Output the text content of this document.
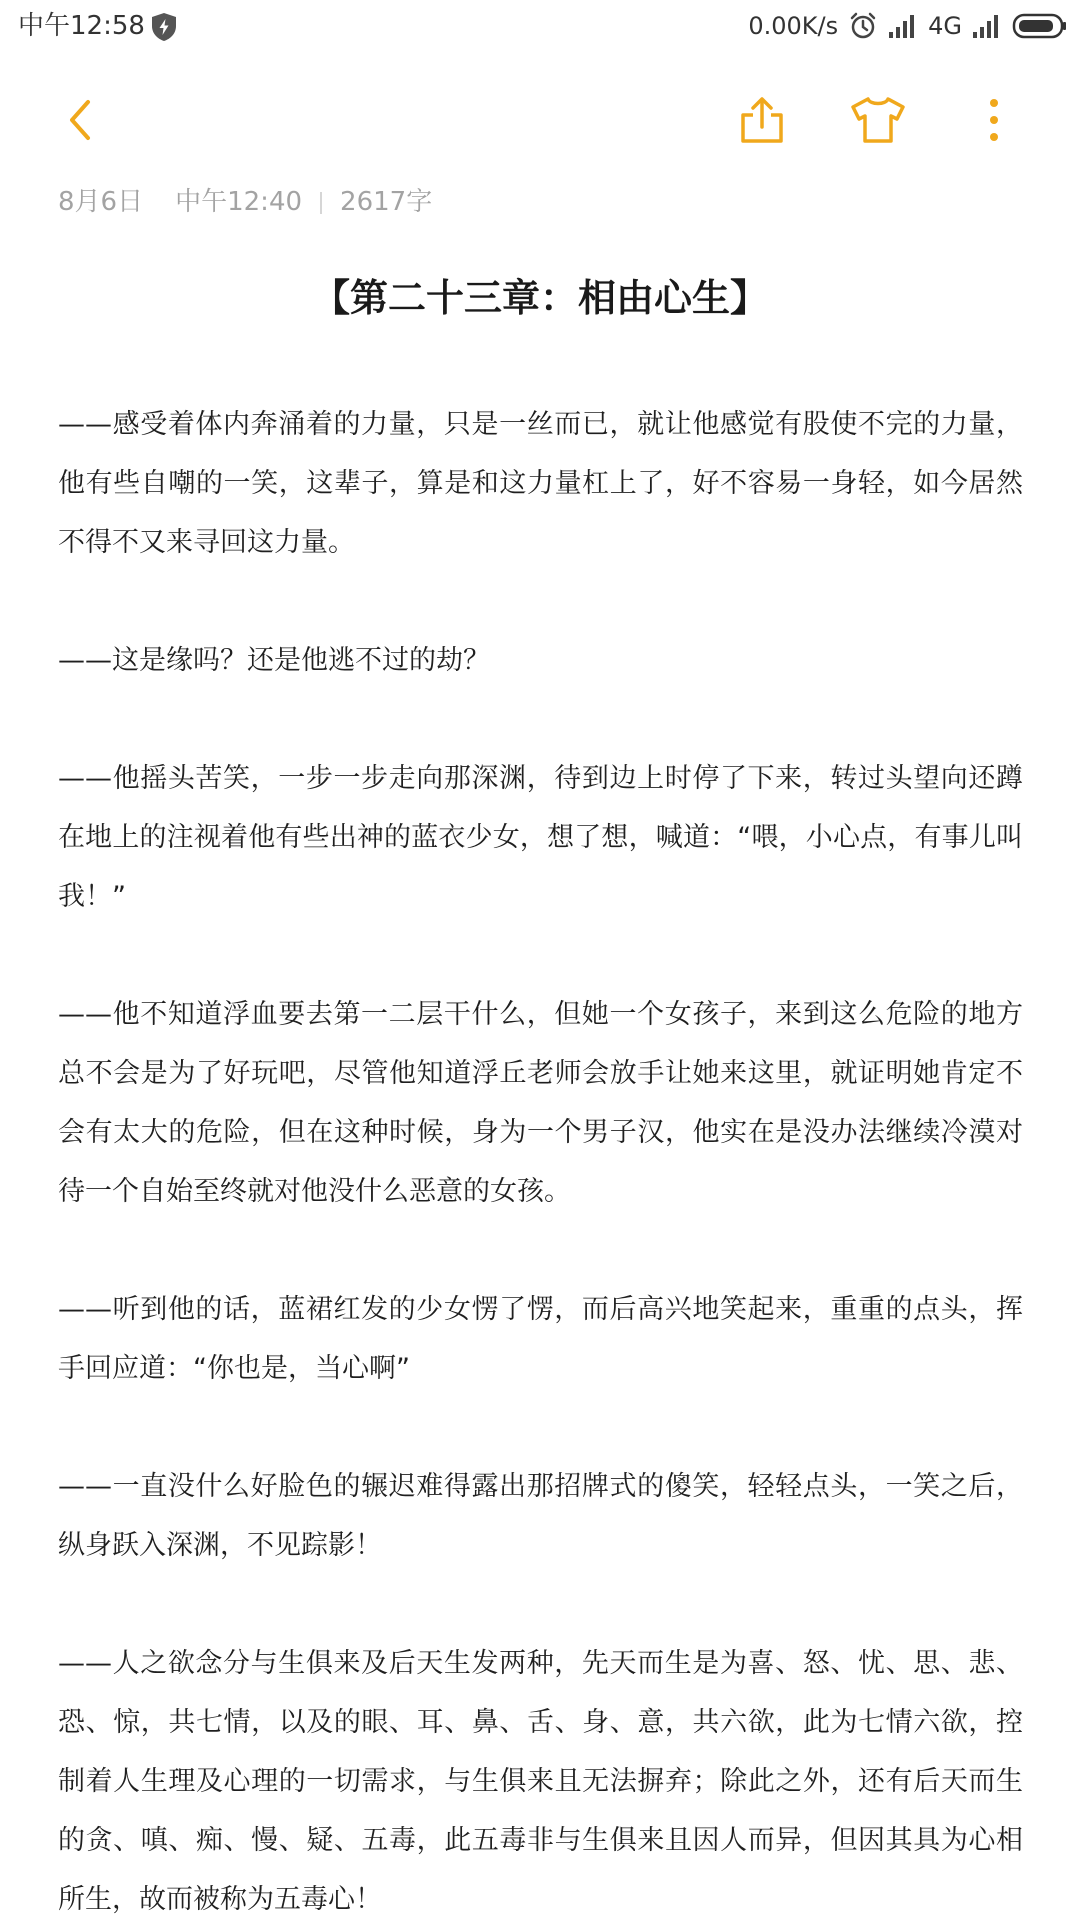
中午12:58	0.00K/s	4G
8月6日 中午12:40 2617字
【第二十三章：相由心生】

——感受着体内奔涌着的力量，只是一丝而已，就让他感觉有股使不完的力量，他有些自嘲的一笑，这辈子，算是和这力量杠上了，好不容易一身轻，如今居然不得不又来寻回这力量。

——这是缘吗？还是他逃不过的劫？

——他摇头苦笑，一步一步走向那深渊，待到边上时停了下来，转过头望向还蹲在地上的注视着他有些出神的蓝衣少女，想了想，喊道：“喂，小心点，有事儿叫我！”

——他不知道浮血要去第一二层干什么，但她一个女孩子，来到这么危险的地方总不会是为了好玩吧，尽管他知道浮丘老师会放手让她来这里，就证明她肯定不会有太大的危险，但在这种时候，身为一个男子汉，他实在是没办法继续冷漠对待一个自始至终就对他没什么恶意的女孩。

——听到他的话，蓝裙红发的少女愣了愣，而后高兴地笑起来，重重的点头，挥手回应道：“你也是，当心啊”

——一直没什么好脸色的辗迟难得露出那招牌式的傻笑，轻轻点头，一笑之后，纵身跃入深渊，不见踪影！

——人之欲念分与生俱来及后天生发两种，先天而生是为喜、怒、忧、思、悲、恐、惊，共七情，以及的眼、耳、鼻、舌、身、意，共六欲，此为七情六欲，控制着人生理及心理的一切需求，与生俱来且无法摒弃；除此之外，还有后天而生的贪、嗔、痴、慢、疑、五毒，此五毒非与生俱来且因人而异，但因其具为心相所生，故而被称为五毒心！
